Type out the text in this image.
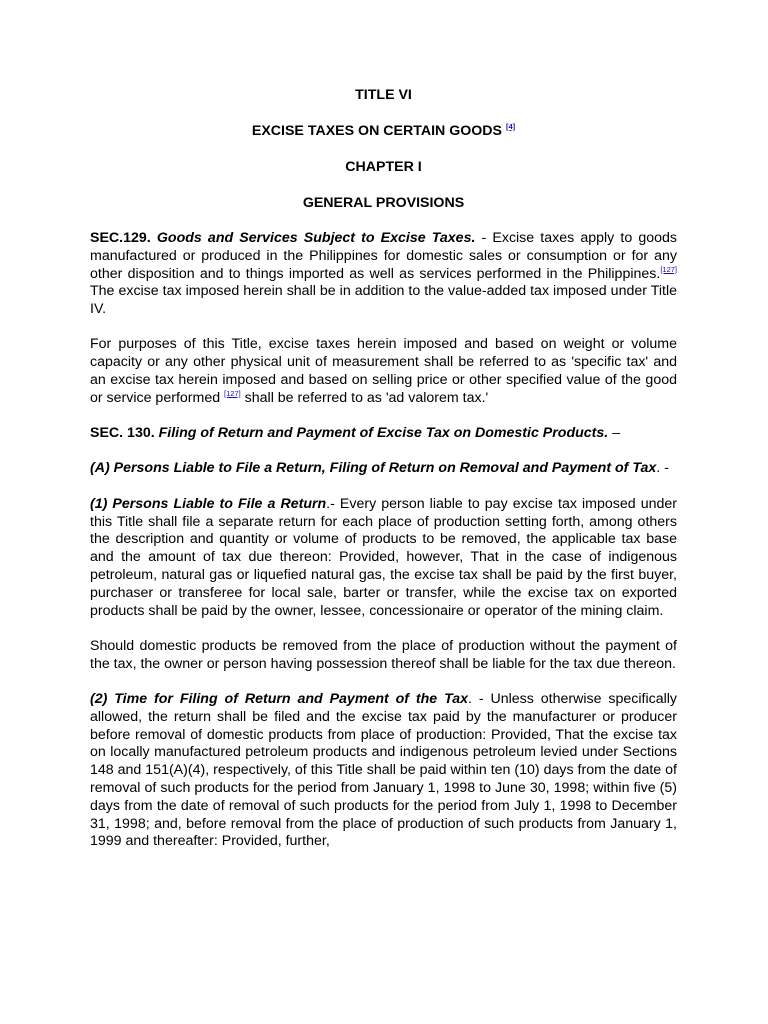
TITLE VI
EXCISE TAXES ON CERTAIN GOODS [4]
CHAPTER I
GENERAL PROVISIONS
SEC.129. Goods and Services Subject to Excise Taxes. - Excise taxes apply to goods manufactured or produced in the Philippines for domestic sales or consumption or for any other disposition and to things imported as well as services performed in the Philippines.[127] The excise tax imposed herein shall be in addition to the value-added tax imposed under Title IV.
For purposes of this Title, excise taxes herein imposed and based on weight or volume capacity or any other physical unit of measurement shall be referred to as 'specific tax' and an excise tax herein imposed and based on selling price or other specified value of the good or service performed [127] shall be referred to as 'ad valorem tax.'
SEC. 130. Filing of Return and Payment of Excise Tax on Domestic Products. –
(A) Persons Liable to File a Return, Filing of Return on Removal and Payment of Tax. -
(1) Persons Liable to File a Return.- Every person liable to pay excise tax imposed under this Title shall file a separate return for each place of production setting forth, among others the description and quantity or volume of products to be removed, the applicable tax base and the amount of tax due thereon: Provided, however, That in the case of indigenous petroleum, natural gas or liquefied natural gas, the excise tax shall be paid by the first buyer, purchaser or transferee for local sale, barter or transfer, while the excise tax on exported products shall be paid by the owner, lessee, concessionaire or operator of the mining claim.
Should domestic products be removed from the place of production without the payment of the tax, the owner or person having possession thereof shall be liable for the tax due thereon.
(2) Time for Filing of Return and Payment of the Tax. - Unless otherwise specifically allowed, the return shall be filed and the excise tax paid by the manufacturer or producer before removal of domestic products from place of production: Provided, That the excise tax on locally manufactured petroleum products and indigenous petroleum levied under Sections 148 and 151(A)(4), respectively, of this Title shall be paid within ten (10) days from the date of removal of such products for the period from January 1, 1998 to June 30, 1998; within five (5) days from the date of removal of such products for the period from July 1, 1998 to December 31, 1998; and, before removal from the place of production of such products from January 1, 1999 and thereafter: Provided, further,
